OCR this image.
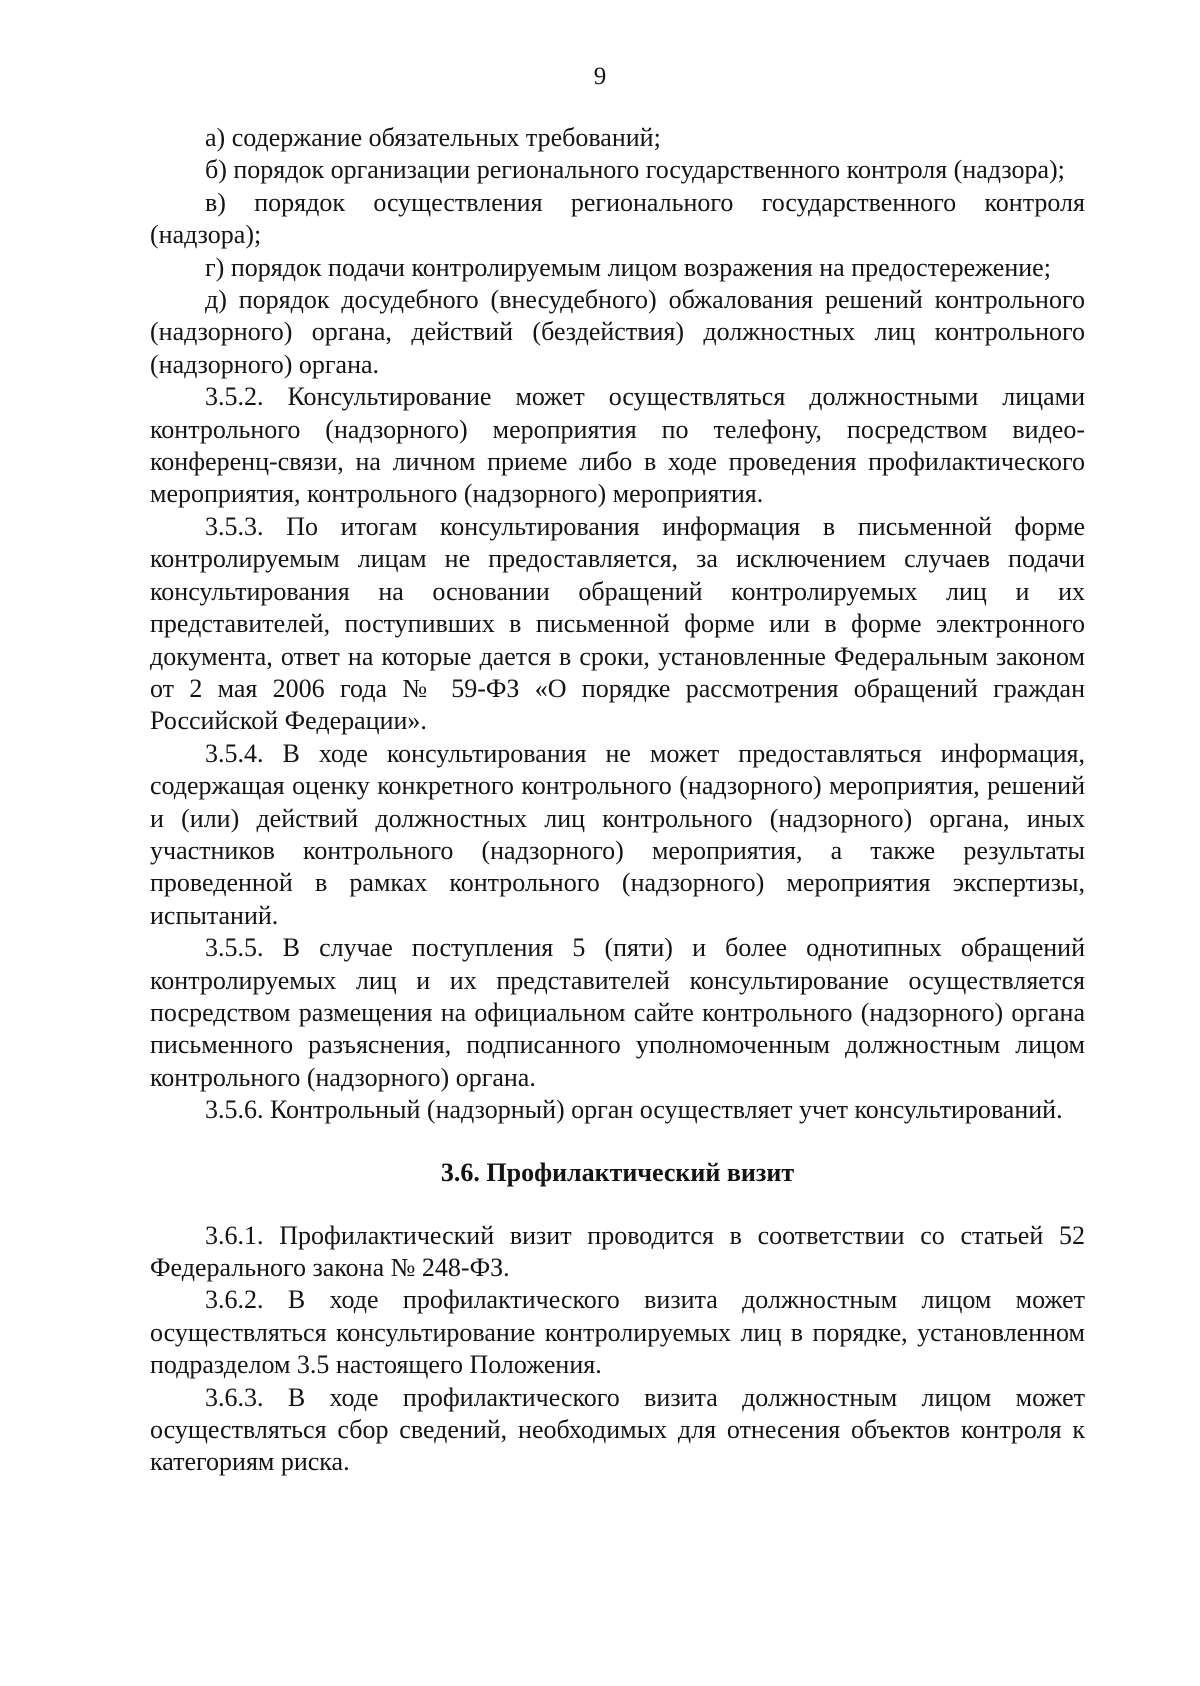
9

а) содержание обязательных требований;

б) порядок организации регионального государственного контроля (надзора);

в) порядок осуществления регионального государственного контроля (надзора);

г) порядок подачи контролируемым лицом возражения на предостережение;

д) порядок досудебного (внесудебного) обжалования решений контрольного (надзорного) органа, действий (бездействия) должностных лиц контрольного (надзорного) органа.

3.5.2. Консультирование может осуществляться должностными лицами контрольного (надзорного) мероприятия по телефону, посредством видео-конференц-связи, на личном приеме либо в ходе проведения профилактического мероприятия, контрольного (надзорного) мероприятия.

3.5.3. По итогам консультирования информация в письменной форме контролируемым лицам не предоставляется, за исключением случаев подачи консультирования на основании обращений контролируемых лиц и их представителей, поступивших в письменной форме или в форме электронного документа, ответ на которые дается в сроки, установленные Федеральным законом от 2 мая 2006 года № 59-ФЗ «О порядке рассмотрения обращений граждан Российской Федерации».

3.5.4. В ходе консультирования не может предоставляться информация, содержащая оценку конкретного контрольного (надзорного) мероприятия, решений и (или) действий должностных лиц контрольного (надзорного) органа, иных участников контрольного (надзорного) мероприятия, а также результаты проведенной в рамках контрольного (надзорного) мероприятия экспертизы, испытаний.

3.5.5. В случае поступления 5 (пяти) и более однотипных обращений контролируемых лиц и их представителей консультирование осуществляется посредством размещения на официальном сайте контрольного (надзорного) органа письменного разъяснения, подписанного уполномоченным должностным лицом контрольного (надзорного) органа.

3.5.6. Контрольный (надзорный) орган осуществляет учет консультирований.

3.6. Профилактический визит

3.6.1. Профилактический визит проводится в соответствии со статьей 52 Федерального закона № 248-ФЗ.

3.6.2. В ходе профилактического визита должностным лицом может осуществляться консультирование контролируемых лиц в порядке, установленном подразделом 3.5 настоящего Положения.

3.6.3. В ходе профилактического визита должностным лицом может осуществляться сбор сведений, необходимых для отнесения объектов контроля к категориям риска.
